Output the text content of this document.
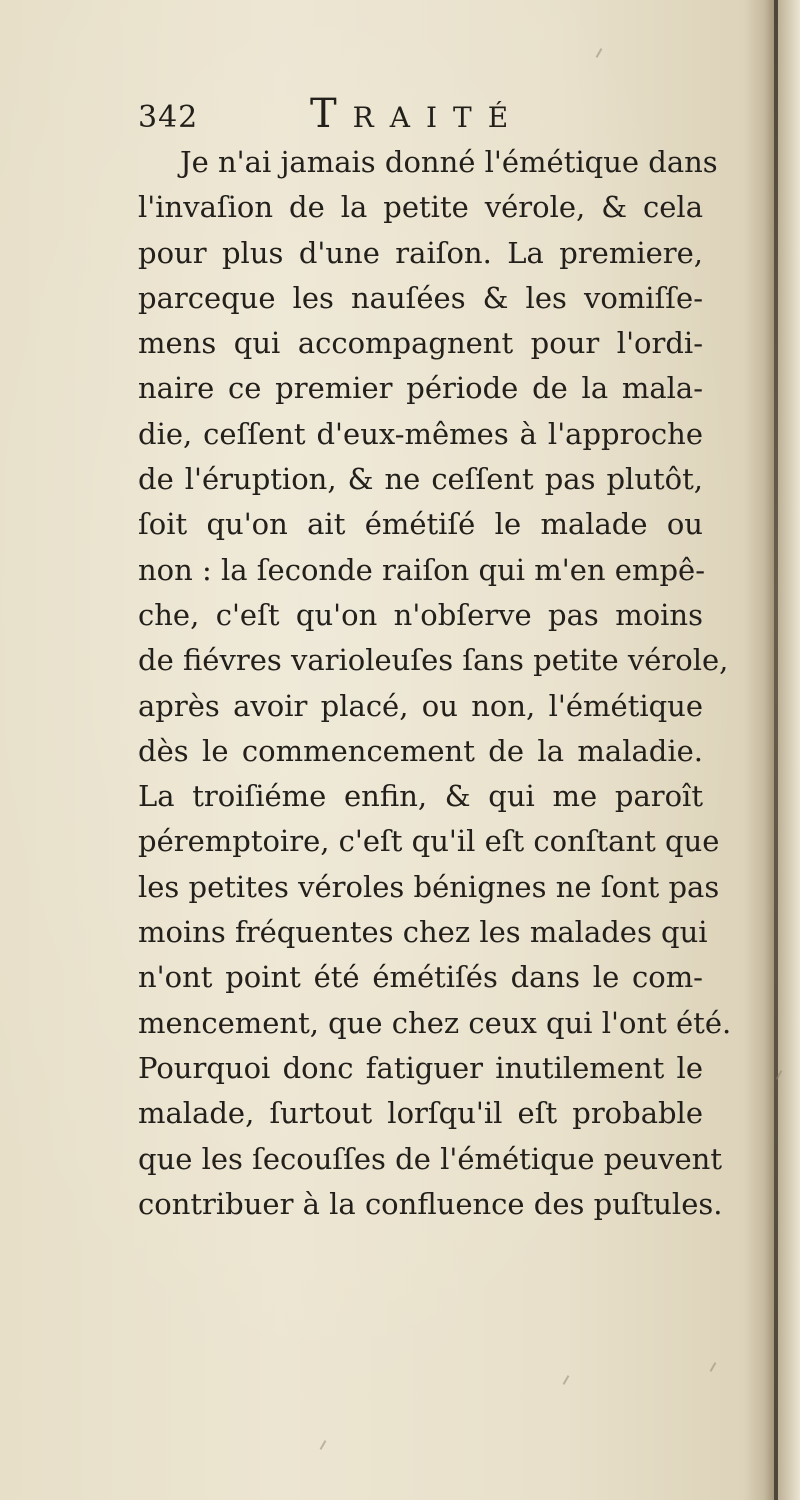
342	Traité
Je n'ai jamais donné l'émétique dans
l'invaſion de la petite vérole, & cela
pour plus d'une raiſon. La premiere,
parceque les nauſées & les vomiſſe-
mens qui accompagnent pour l'ordi-
naire ce premier période de la mala-
die, ceſſent d'eux-mêmes à l'approche
de l'éruption, & ne ceſſent pas plutôt,
ſoit qu'on ait émétiſé le malade ou
non : la ſeconde raiſon qui m'en empê-
che, c'eſt qu'on n'obſerve pas moins
de fiévres varioleuſes ſans petite vérole,
après avoir placé, ou non, l'émétique
dès le commencement de la maladie.
La troiſiéme enfin, & qui me paroît
péremptoire, c'eſt qu'il eſt conſtant que
les petites véroles bénignes ne ſont pas
moins fréquentes chez les malades qui
n'ont point été émétiſés dans le com-
mencement, que chez ceux qui l'ont été.
Pourquoi donc fatiguer inutilement le
malade, ſurtout lorſqu'il eſt probable
que les ſecouſſes de l'émétique peuvent
contribuer à la confluence des puſtules.
